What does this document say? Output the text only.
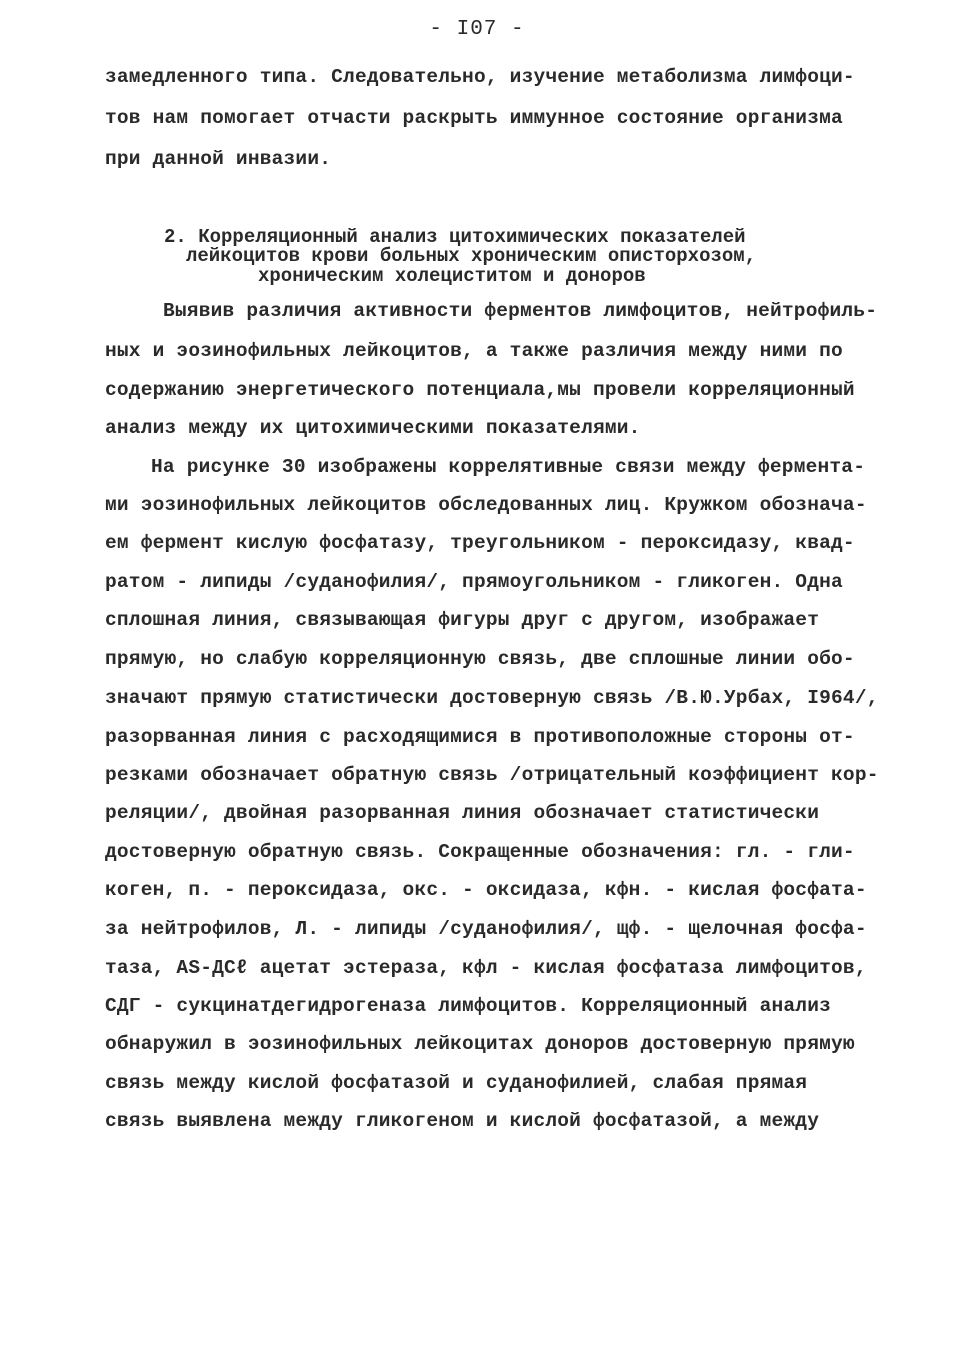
- I07 -
замедленного типа. Следовательно, изучение метаболизма лимфоци-
тов нам помогает отчасти раскрыть иммунное состояние организма
при данной инвазии.
2. Корреляционный анализ цитохимических показателей
лейкоцитов крови больных хроническим описторхозом,
хроническим холециститом и доноров
Выявив различия активности ферментов лимфоцитов, нейтрофиль-
ных и эозинофильных лейкоцитов, а также различия между ними по
содержанию энергетического потенциала,мы провели корреляционный
анализ между их цитохимическими показателями.
На рисунке 30 изображены коррелятивные связи между фермента-
ми эозинофильных лейкоцитов обследованных лиц. Кружком обознача-
ем фермент кислую фосфатазу, треугольником - пероксидазу, квад-
ратом - липиды /суданофилия/, прямоугольником - гликоген. Одна
сплошная линия, связывающая фигуры друг с другом, изображает
прямую, но слабую корреляционную связь, две сплошные линии обо-
значают прямую статистически достоверную связь /В.Ю.Урбах, I964/,
разорванная линия с расходящимися в противоположные стороны от-
резками обозначает обратную связь /отрицательный коэффициент кор-
реляции/, двойная разорванная линия обозначает статистически
достоверную обратную связь. Сокращенные обозначения: гл. - гли-
коген, п. - пероксидаза, окс. - оксидаза, кфн. - кислая фосфата-
за нейтрофилов, Л. - липиды /суданофилия/, щф. - щелочная фосфа-
таза, AS-ДСℓ ацетат эстераза, кфл - кислая фосфатаза лимфоцитов,
СДГ - сукцинатдегидрогеназа лимфоцитов. Корреляционный анализ
обнаружил в эозинофильных лейкоцитах доноров достоверную прямую
связь между кислой фосфатазой и суданофилией, слабая прямая
связь выявлена между гликогеном и кислой фосфатазой, а между
